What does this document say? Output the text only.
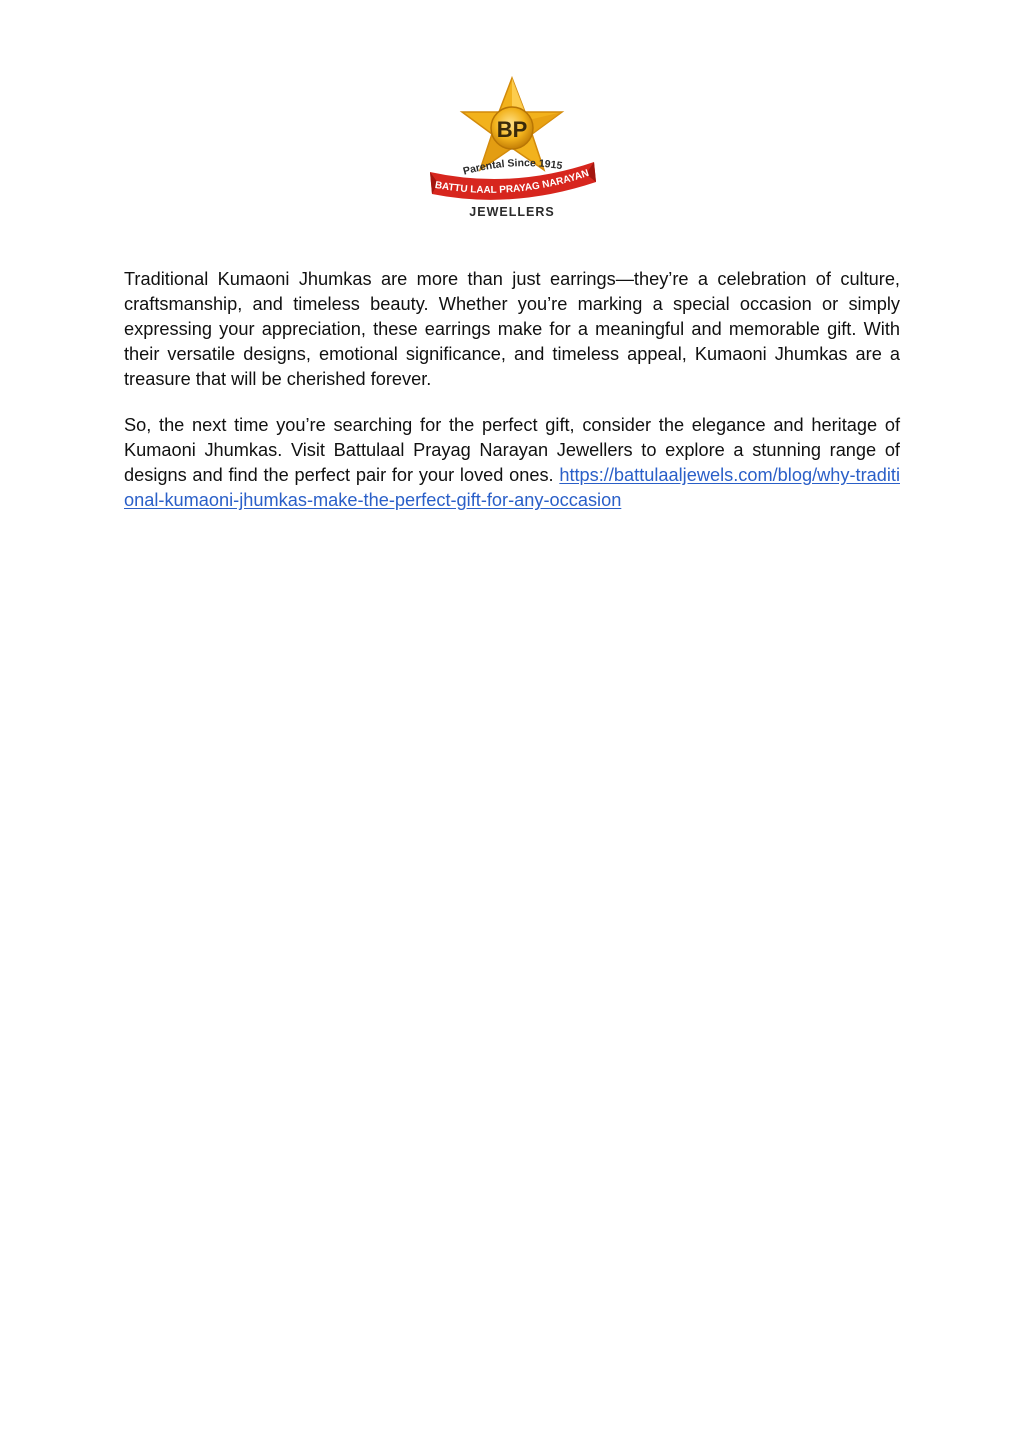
BP
Parental Since 1915
BATTU LAAL PRAYAG NARAYAN
JEWELLERS

Traditional Kumaoni Jhumkas are more than just earrings—they’re a celebration of culture, craftsmanship, and timeless beauty. Whether you’re marking a special occasion or simply expressing your appreciation, these earrings make for a meaningful and memorable gift. With their versatile designs, emotional significance, and timeless appeal, Kumaoni Jhumkas are a treasure that will be cherished forever.

So, the next time you’re searching for the perfect gift, consider the elegance and heritage of Kumaoni Jhumkas. Visit Battulaal Prayag Narayan Jewellers to explore a stunning range of designs and find the perfect pair for your loved ones. https://battulaaljewels.com/blog/why-traditional-kumaoni-jhumkas-make-the-perfect-gift-for-any-occasion
